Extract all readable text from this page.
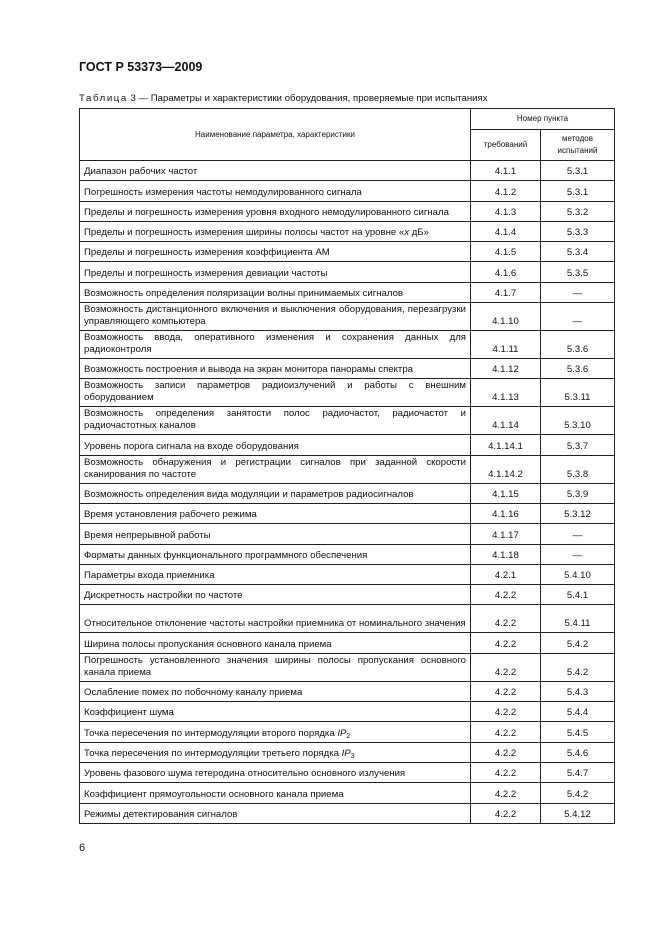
ГОСТ Р 53373—2009
Таблица 3 — Параметры и характеристики оборудования, проверяемые при испытаниях
Наименование параметра, характеристики	Номер пункта	
	требований	методов испытаний
Диапазон рабочих частот	4.1.1	5.3.1
Погрешность измерения частоты немодулированного сигнала	4.1.2	5.3.1
Пределы и погрешность измерения уровня входного немодулированного сигнала	4.1.3	5.3.2
Пределы и погрешность измерения ширины полосы частот на уровне «x дБ»	4.1.4	5.3.3
Пределы и погрешность измерения коэффициента АМ	4.1.5	5.3.4
Пределы и погрешность измерения девиации частоты	4.1.6	5.3.5
Возможность определения поляризации волны принимаемых сигналов	4.1.7	—
Возможность дистанционного включения и выключения оборудования, перезагрузки управляющего компьютера	4.1.10	—
Возможность ввода, оперативного изменения и сохранения данных для радиоконтроля	4.1.11	5.3.6
Возможность построения и вывода на экран монитора панорамы спектра	4.1.12	5.3.6
Возможность записи параметров радиоизлучений и работы с внешним оборудованием	4.1.13	5.3.11
Возможность определения занятости полос радиочастот, радиочастот и радиочастотных каналов	4.1.14	5.3.10
Уровень порога сигнала на входе оборудования	4.1.14.1	5.3.7
Возможность обнаружения и регистрации сигналов при заданной скорости сканирования по частоте	4.1.14.2	5.3.8
Возможность определения вида модуляции и параметров радиосигналов	4.1.15	5.3.9
Время установления рабочего режима	4.1.16	5.3.12
Время непрерывной работы	4.1.17	—
Форматы данных функционального программного обеспечения	4.1.18	—
Параметры входа приемника	4.2.1	5.4.10
Дискретность настройки по частоте	4.2.2	5.4.1
Относительное отклонение частоты настройки приемника от номинального значения	4.2.2	5.4.11
Ширина полосы пропускания основного канала приема	4.2.2	5.4.2
Погрешность установленного значения ширины полосы пропускания основного канала приема	4.2.2	5.4.2
Ослабление помех по побочному каналу приема	4.2.2	5.4.3
Коэффициент шума	4.2.2	5.4.4
Точка пересечения по интермодуляции второго порядка $IP_2$	4.2.2	5.4.5
Точка пересечения по интермодуляции третьего порядка $IP_3$	4.2.2	5.4.6
Уровень фазового шума гетеродина относительно основного излучения	4.2.2	5.4.7
Коэффициент прямоугольности основного канала приема	4.2.2	5.4.2
Режимы детектирования сигналов	4.2.2	5.4.12
6
